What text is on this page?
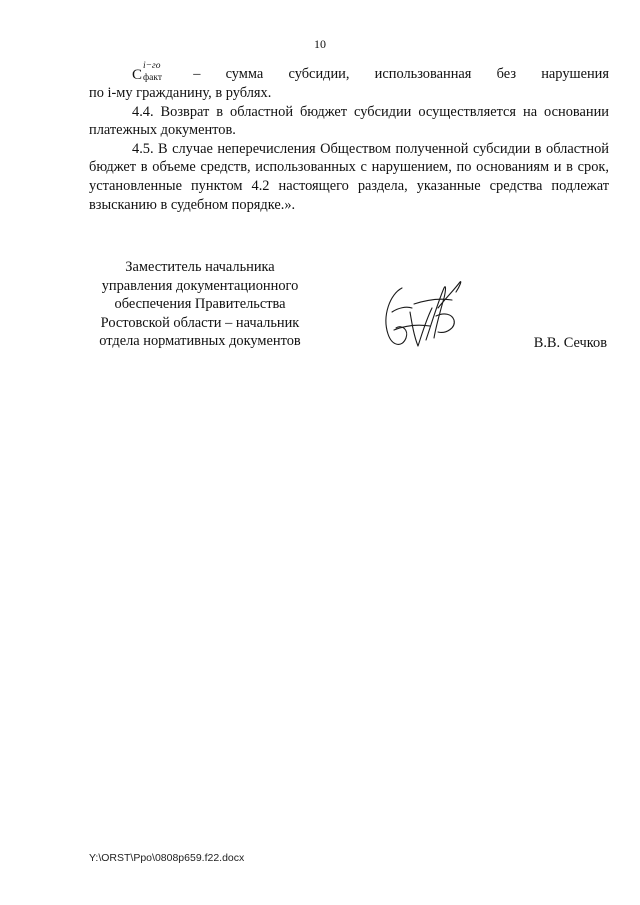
10
С
i−го
факт – сумма субсидии, использованная без нарушения

по i-му гражданину, в рублях.

4.4. Возврат в областной бюджет субсидии осуществляется на основании платежных документов.

4.5. В случае неперечисления Обществом полученной субсидии в областной бюджет в объеме средств, использованных с нарушением, по основаниям и в срок, установленные пунктом 4.2 настоящего раздела, указанные средства подлежат взысканию в судебном порядке.».

Заместитель начальника
управления документационного
обеспечения Правительства
Ростовской области – начальник
отдела нормативных документов	В.В. Сечков
Y:\ORST\Ppo\0808p659.f22.docx
